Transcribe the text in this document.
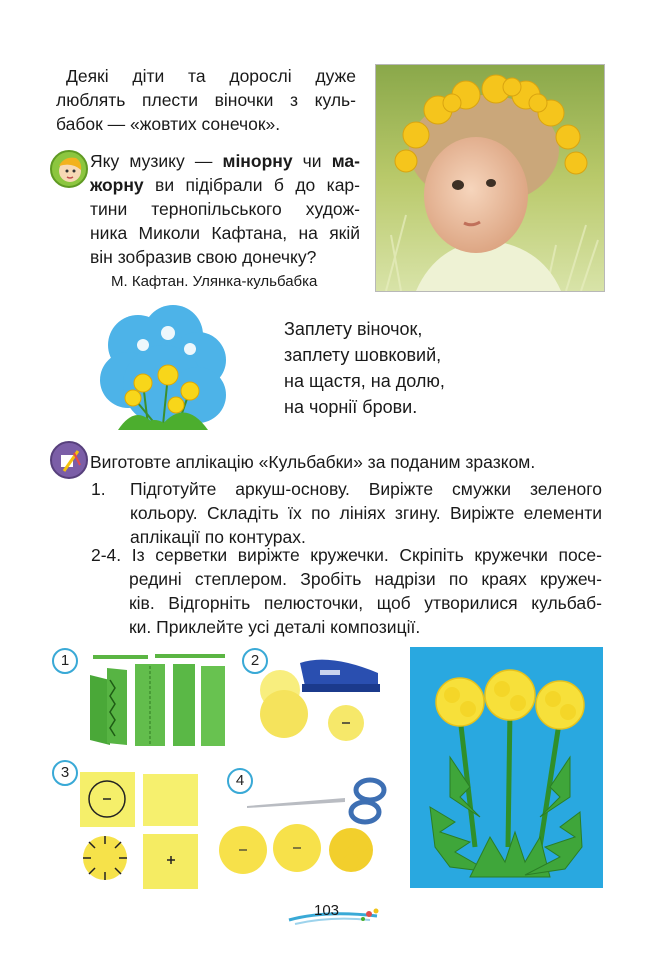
Деякі діти та дорослі дуже
люблять плести віночки з куль-
бабок — «жовтих сонечок».
Яку музику — мінорну чи ма-
жорну ви підібрали б до кар-
тини тернопільського худож-
ника Миколи Кафтана, на якій
він зобразив свою донечку?
М. Кафтан. Улянка-кульбабка
Заплету віночок,
заплету шовковий,
на щастя, на долю,
на чорнії брови.
Виготовте аплікацію «Кульбабки» за поданим зразком.
1. Підготуйте аркуш-основу. Виріжте смужки зеленого
кольору. Складіть їх по лініях згину. Виріжте елементи
аплікації по контурах.
2-4. Із серветки виріжте кружечки. Скріпіть кружечки посе-
редині степлером. Зробіть надрізи по краях кружеч-
ків. Відгорніть пелюсточки, щоб утворилися кульбаб-
ки. Приклейте усі деталі композиції.
1	2
3	4
103
